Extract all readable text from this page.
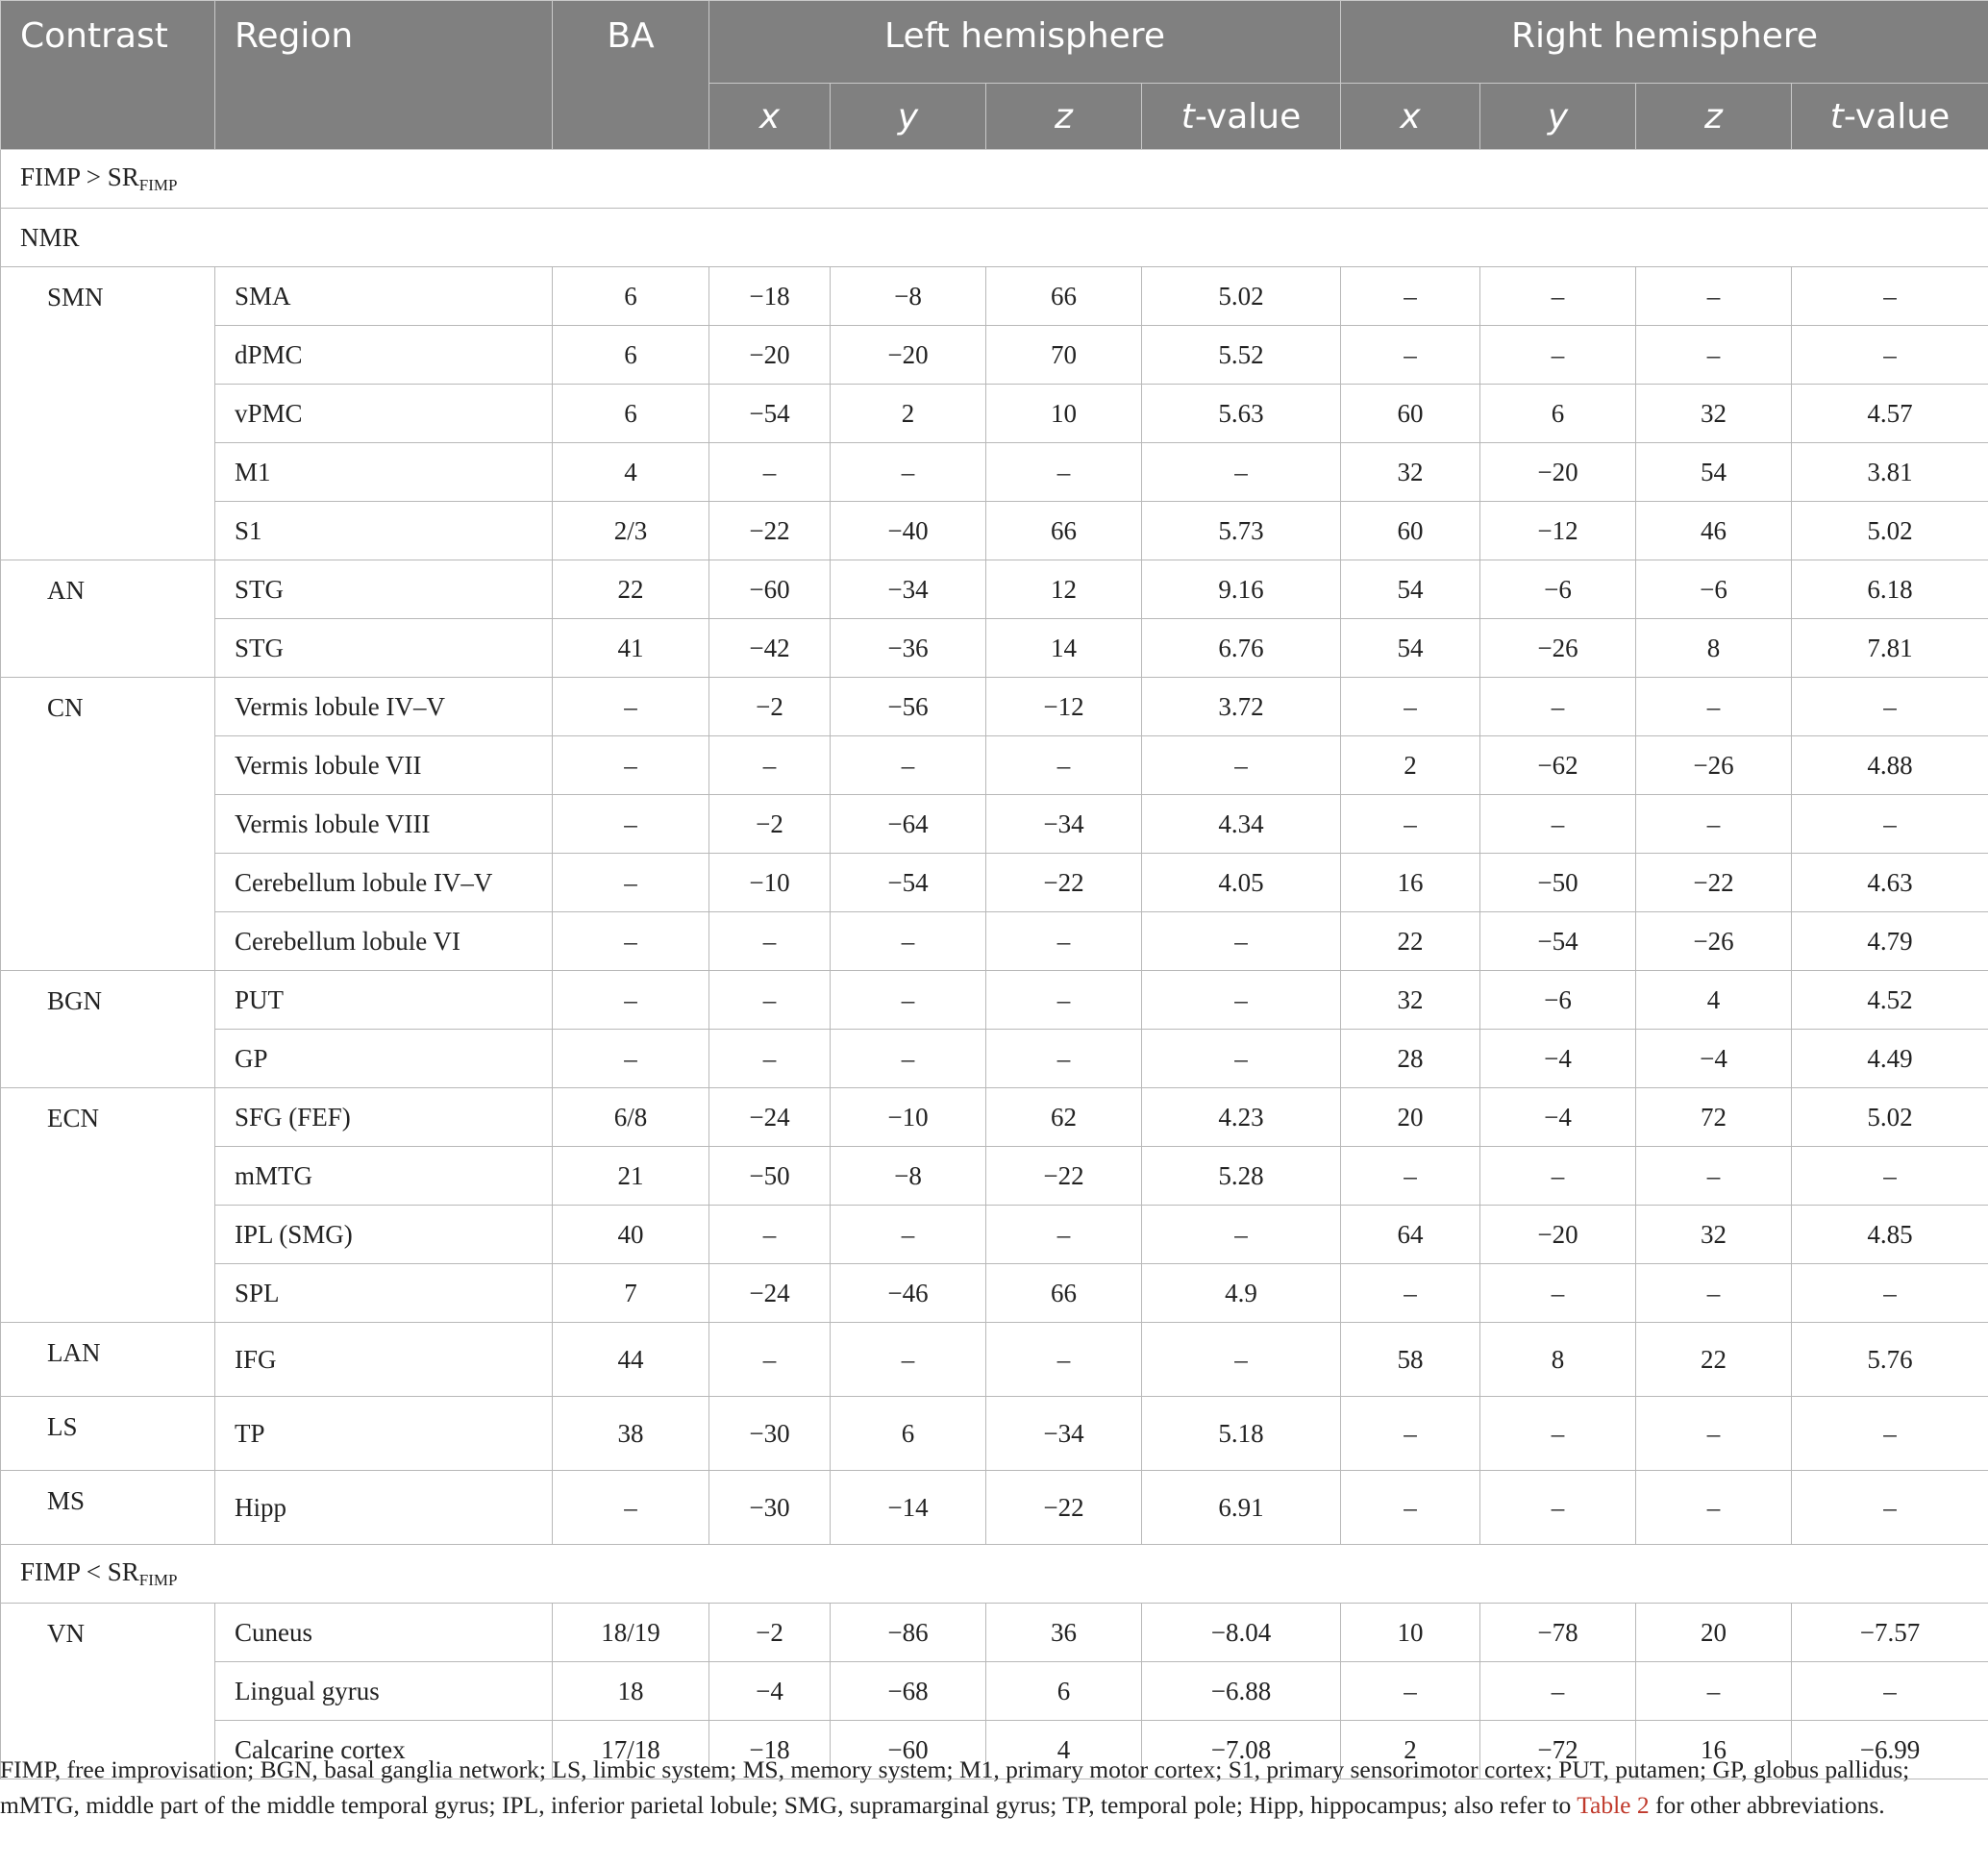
Contrast	Region	BA	Left hemisphere				Right hemisphere			
			x	y	z	t-value	x	y	z	t-value
FIMP > $SR_{FIMP}$
NMR										
SMN	SMA	6	−18	−8	66	5.02	–	–	–	–
	dPMC	6	−20	−20	70	5.52	–	–	–	–
	vPMC	6	−54	2	10	5.63	60	6	32	4.57
	M1	4	–	–	–	–	32	−20	54	3.81
	S1	2/3	−22	−40	66	5.73	60	−12	46	5.02
AN	STG	22	−60	−34	12	9.16	54	−6	−6	6.18
	STG	41	−42	−36	14	6.76	54	−26	8	7.81
CN	Vermis lobule IV–V	–	−2	−56	−12	3.72	–	–	–	–
	Vermis lobule VII	–	–	–	–	–	2	−62	−26	4.88
	Vermis lobule VIII	–	−2	−64	−34	4.34	–	–	–	–
	Cerebellum lobule IV–V	–	−10	−54	−22	4.05	16	−50	−22	4.63
	Cerebellum lobule VI	–	–	–	–	–	22	−54	−26	4.79
BGN	PUT	–	–	–	–	–	32	−6	4	4.52
	GP	–	–	–	–	–	28	−4	−4	4.49
ECN	SFG (FEF)	6/8	−24	−10	62	4.23	20	−4	72	5.02
	mMTG	21	−50	−8	−22	5.28	–	–	–	–
	IPL (SMG)	40	–	–	–	–	64	−20	32	4.85
	SPL	7	−24	−46	66	4.9	–	–	–	–
LAN	IFG	44	–	–	–	–	58	8	22	5.76
LS	TP	38	−30	6	−34	5.18	–	–	–	–
MS	Hipp	–	−30	−14	−22	6.91	–	–	–	–
FIMP < $SR_{FIMP}$
VN	Cuneus	18/19	−2	−86	36	−8.04	10	−78	20	−7.57
	Lingual gyrus	18	−4	−68	6	−6.88	–	–	–	–
	Calcarine cortex	17/18	−18	−60	4	−7.08	2	−72	16	−6.99
FIMP, free improvisation; BGN, basal ganglia network; LS, limbic system; MS, memory system; M1, primary motor cortex; S1, primary sensorimotor cortex; PUT, putamen; GP, globus pallidus; mMTG, middle part of the middle temporal gyrus; IPL, inferior parietal lobule; SMG, supramarginal gyrus; TP, temporal pole; Hipp, hippocampus; also refer to Table 2 for other abbreviations.
